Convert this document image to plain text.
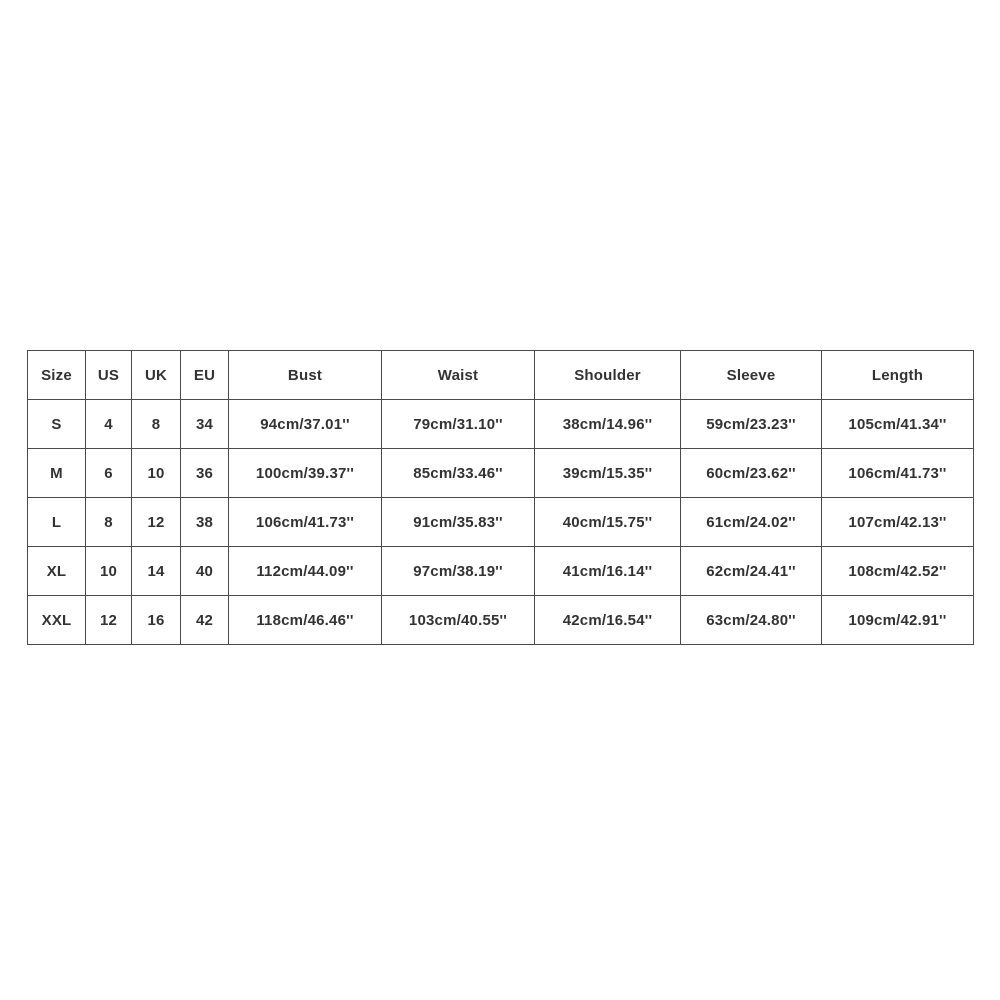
Size	US	UK	EU	Bust	Waist	Shoulder	Sleeve	Length
S	4	8	34	94cm/37.01''	79cm/31.10''	38cm/14.96''	59cm/23.23''	105cm/41.34''
M	6	10	36	100cm/39.37''	85cm/33.46''	39cm/15.35''	60cm/23.62''	106cm/41.73''
L	8	12	38	106cm/41.73''	91cm/35.83''	40cm/15.75''	61cm/24.02''	107cm/42.13''
XL	10	14	40	112cm/44.09''	97cm/38.19''	41cm/16.14''	62cm/24.41''	108cm/42.52''
XXL	12	16	42	118cm/46.46''	103cm/40.55''	42cm/16.54''	63cm/24.80''	109cm/42.91''
